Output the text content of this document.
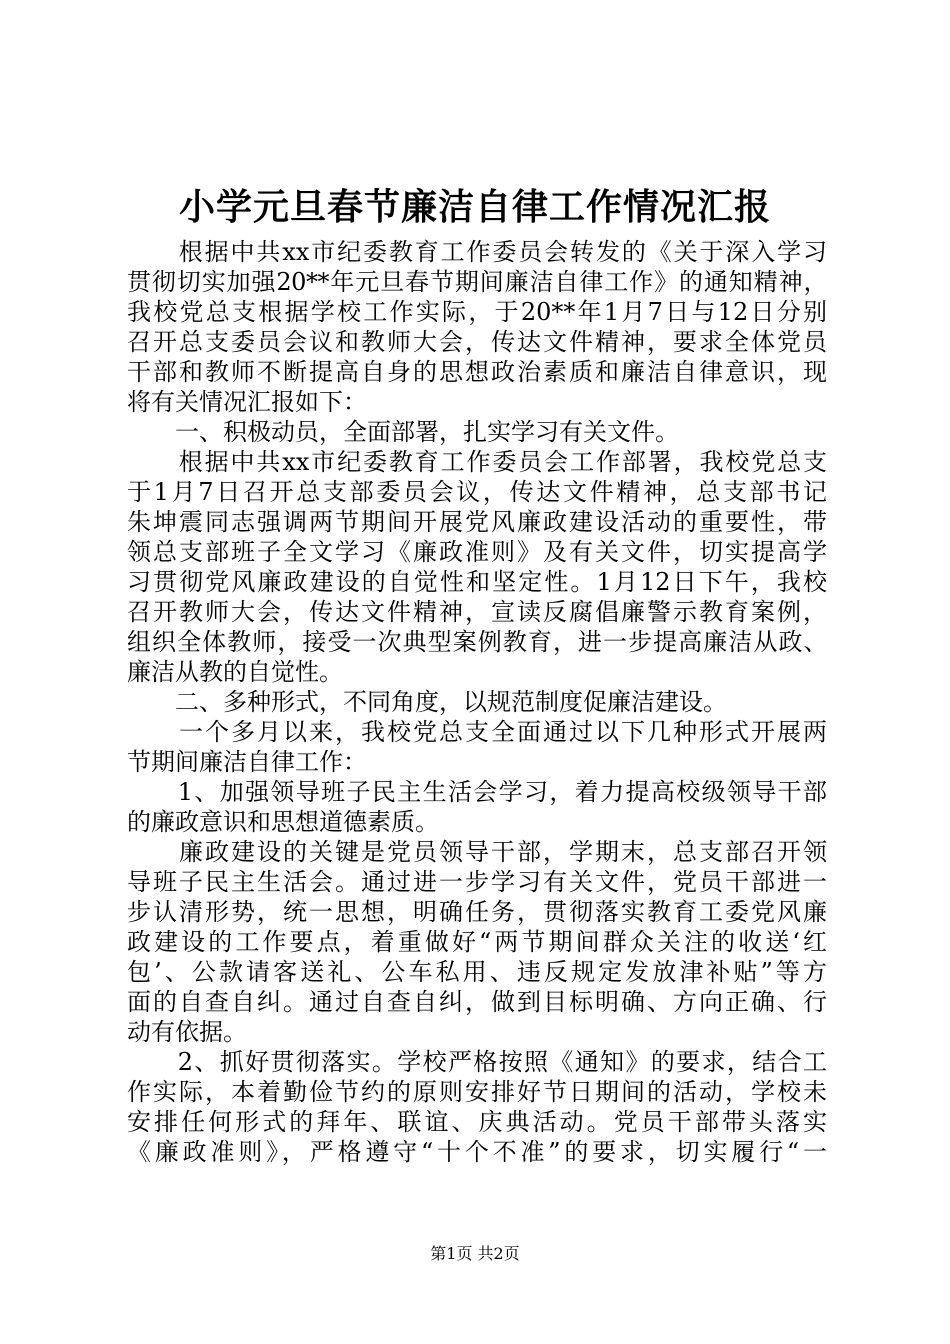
小学元旦春节廉洁自律工作情况汇报
　　根据中共xx市纪委教育工作委员会转发的《关于深入学习
贯彻切实加强20**年元旦春节期间廉洁自律工作》的通知精神，
我校党总支根据学校工作实际，于20**年1月7日与12日分别
召开总支委员会议和教师大会，传达文件精神，要求全体党员
干部和教师不断提高自身的思想政治素质和廉洁自律意识，现
将有关情况汇报如下：
　　一、积极动员，全面部署，扎实学习有关文件。
　　根据中共xx市纪委教育工作委员会工作部署，我校党总支
于1月7日召开总支部委员会议，传达文件精神，总支部书记
朱坤震同志强调两节期间开展党风廉政建设活动的重要性，带
领总支部班子全文学习《廉政准则》及有关文件，切实提高学
习贯彻党风廉政建设的自觉性和坚定性。1月12日下午，我校
召开教师大会，传达文件精神，宣读反腐倡廉警示教育案例，
组织全体教师，接受一次典型案例教育，进一步提高廉洁从政、
廉洁从教的自觉性。
　　二、多种形式，不同角度，以规范制度促廉洁建设。
　　一个多月以来，我校党总支全面通过以下几种形式开展两
节期间廉洁自律工作：
　　1、加强领导班子民主生活会学习，着力提高校级领导干部
的廉政意识和思想道德素质。
　　廉政建设的关键是党员领导干部，学期末，总支部召开领
导班子民主生活会。通过进一步学习有关文件，党员干部进一
步认清形势，统一思想，明确任务，贯彻落实教育工委党风廉
政建设的工作要点，着重做好“两节期间群众关注的收送‘红
包’、公款请客送礼、公车私用、违反规定发放津补贴”等方
面的自查自纠。通过自查自纠，做到目标明确、方向正确、行
动有依据。
　　2、抓好贯彻落实。学校严格按照《通知》的要求，结合工
作实际，本着勤俭节约的原则安排好节日期间的活动，学校未
安排任何形式的拜年、联谊、庆典活动。党员干部带头落实
《廉政准则》，严格遵守“十个不准”的要求，切实履行“一
第1页 共2页
